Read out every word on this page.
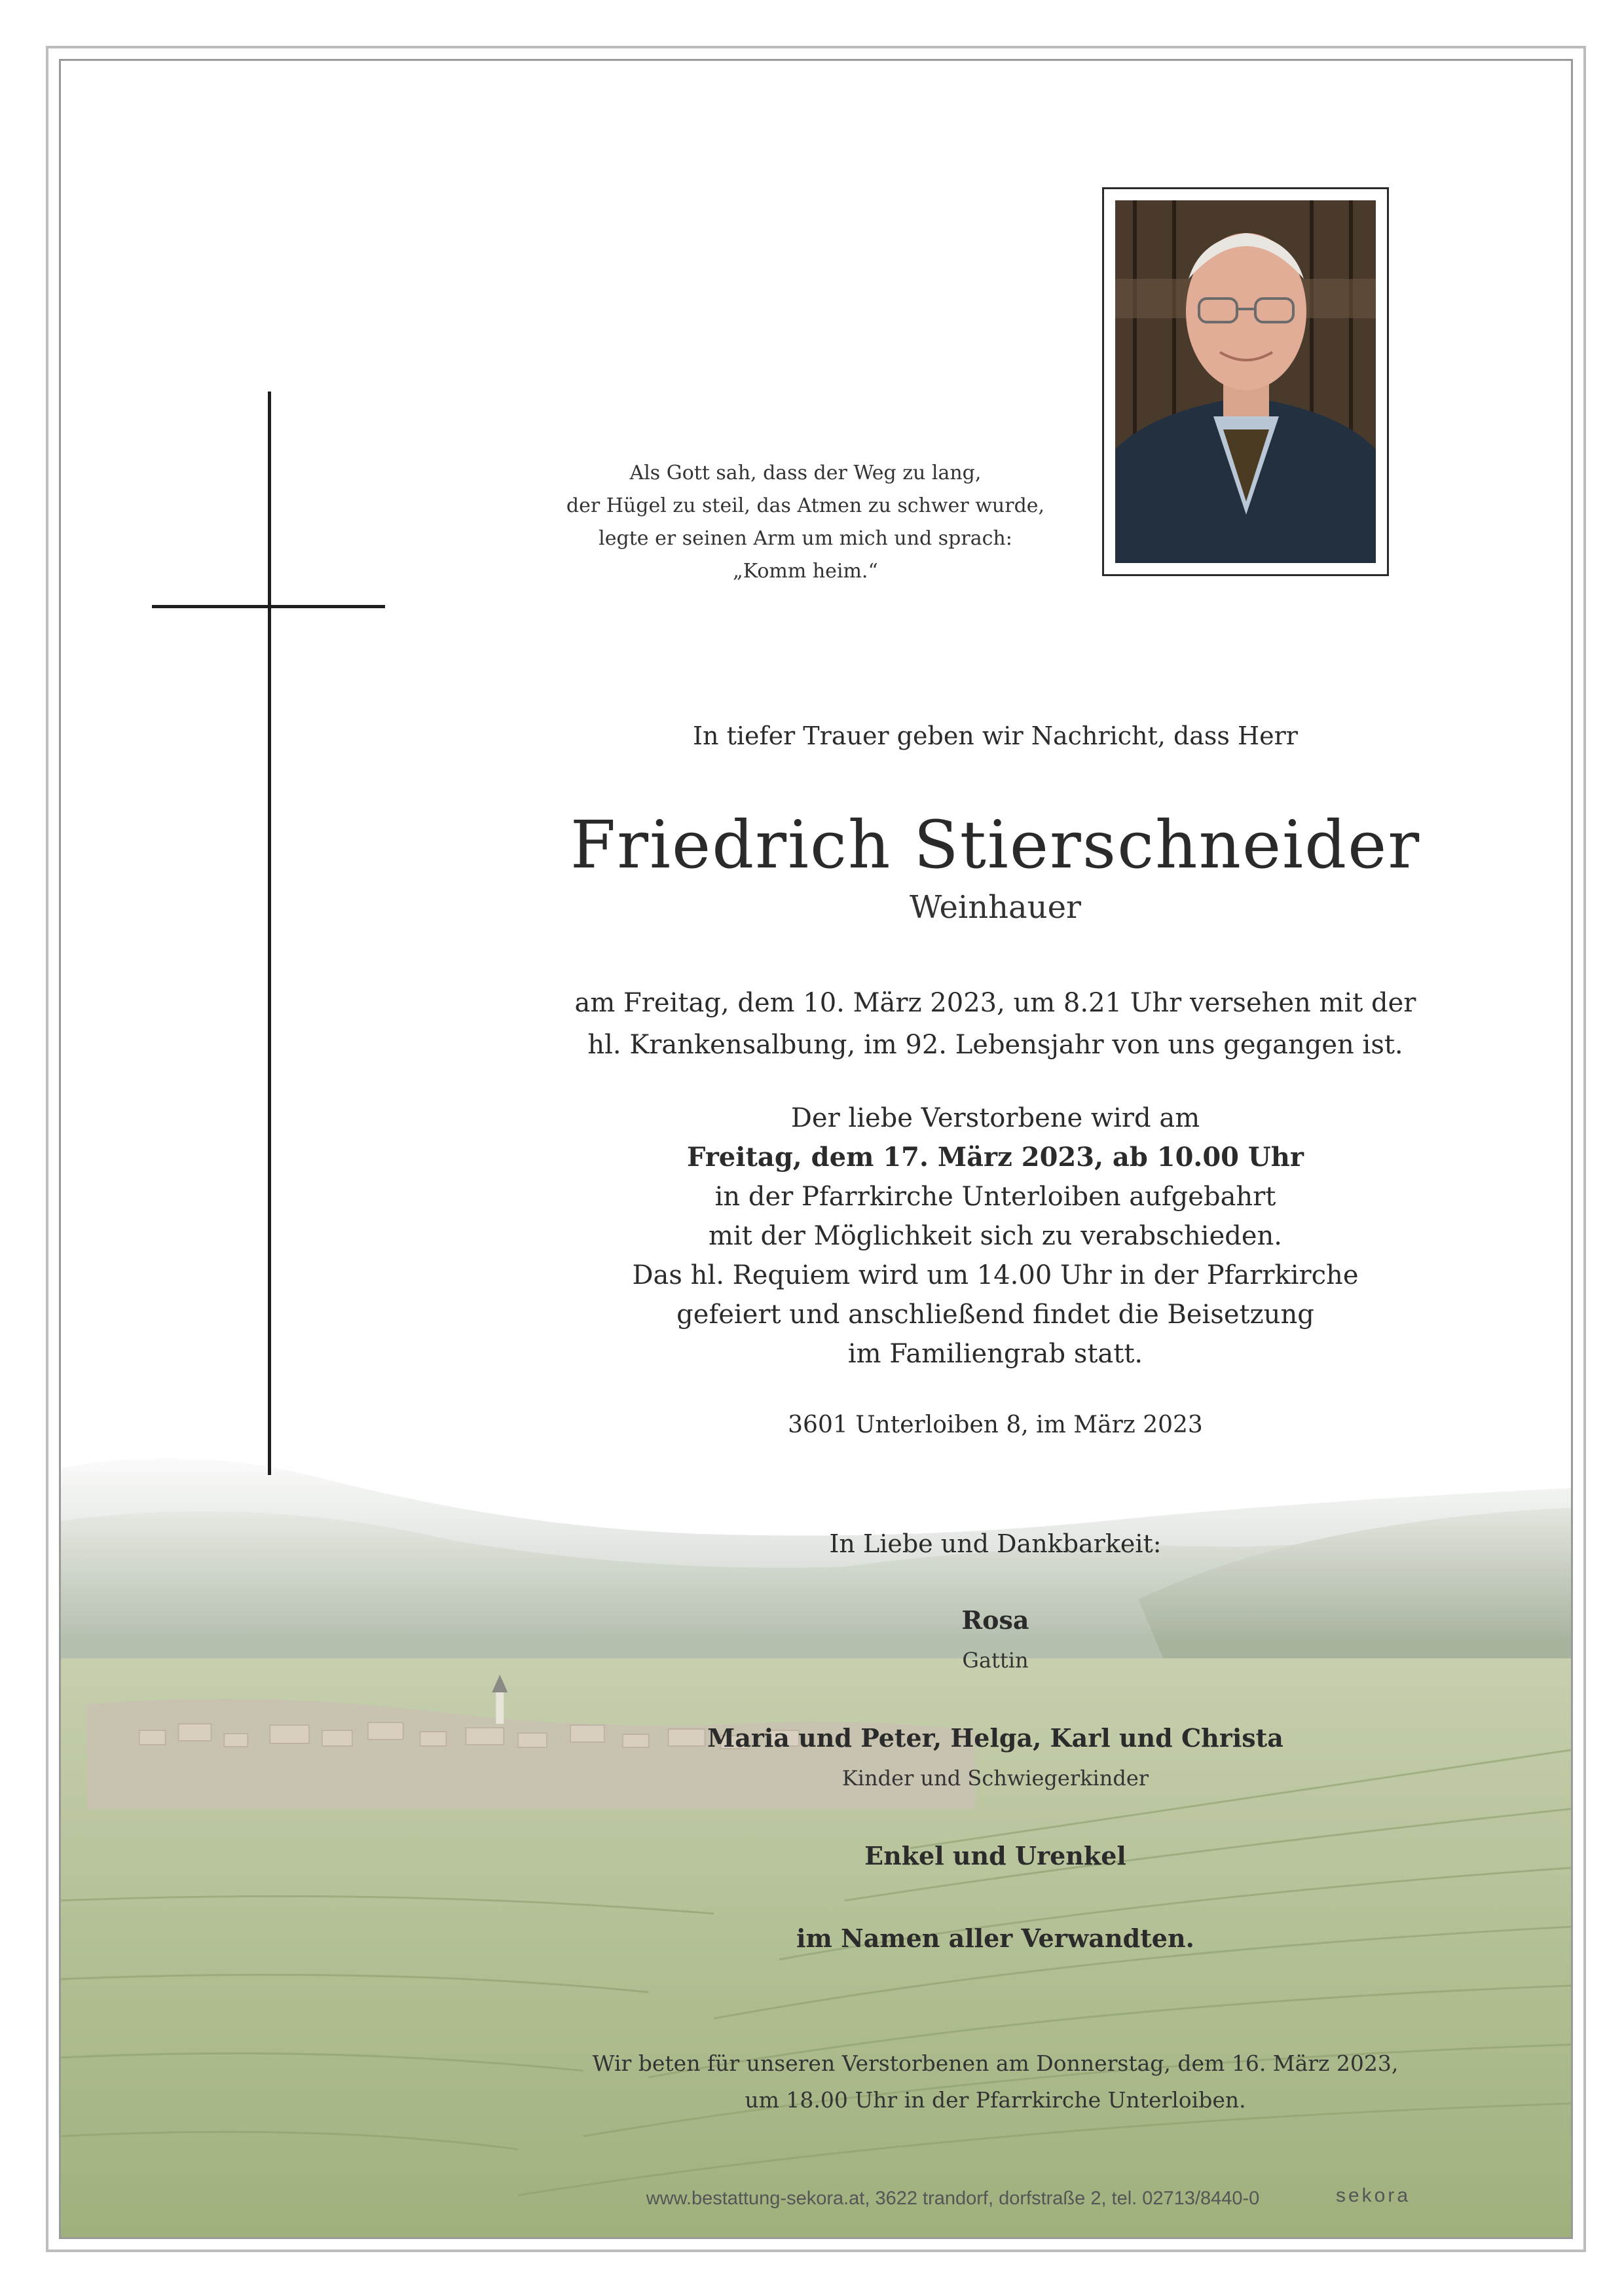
Als Gott sah, dass der Weg zu lang,
der Hügel zu steil, das Atmen zu schwer wurde,
legte er seinen Arm um mich und sprach:
„Komm heim.“
In tiefer Trauer geben wir Nachricht, dass Herr
Friedrich Stierschneider
Weinhauer
am Freitag, dem 10. März 2023, um 8.21 Uhr versehen mit der
hl. Krankensalbung, im 92. Lebensjahr von uns gegangen ist.
Der liebe Verstorbene wird am
Freitag, dem 17. März 2023, ab 10.00 Uhr
in der Pfarrkirche Unterloiben aufgebahrt
mit der Möglichkeit sich zu verabschieden.
Das hl. Requiem wird um 14.00 Uhr in der Pfarrkirche
gefeiert und anschließend findet die Beisetzung
im Familiengrab statt.
3601 Unterloiben 8, im März 2023
In Liebe und Dankbarkeit:
Rosa
Gattin
Maria und Peter, Helga, Karl und Christa
Kinder und Schwiegerkinder
Enkel und Urenkel
im Namen aller Verwandten.
Wir beten für unseren Verstorbenen am Donnerstag, dem 16. März 2023,
um 18.00 Uhr in der Pfarrkirche Unterloiben.
www.bestattung-sekora.at, 3622 trandorf, dorfstraße 2, tel. 02713/8440-0	sekora
